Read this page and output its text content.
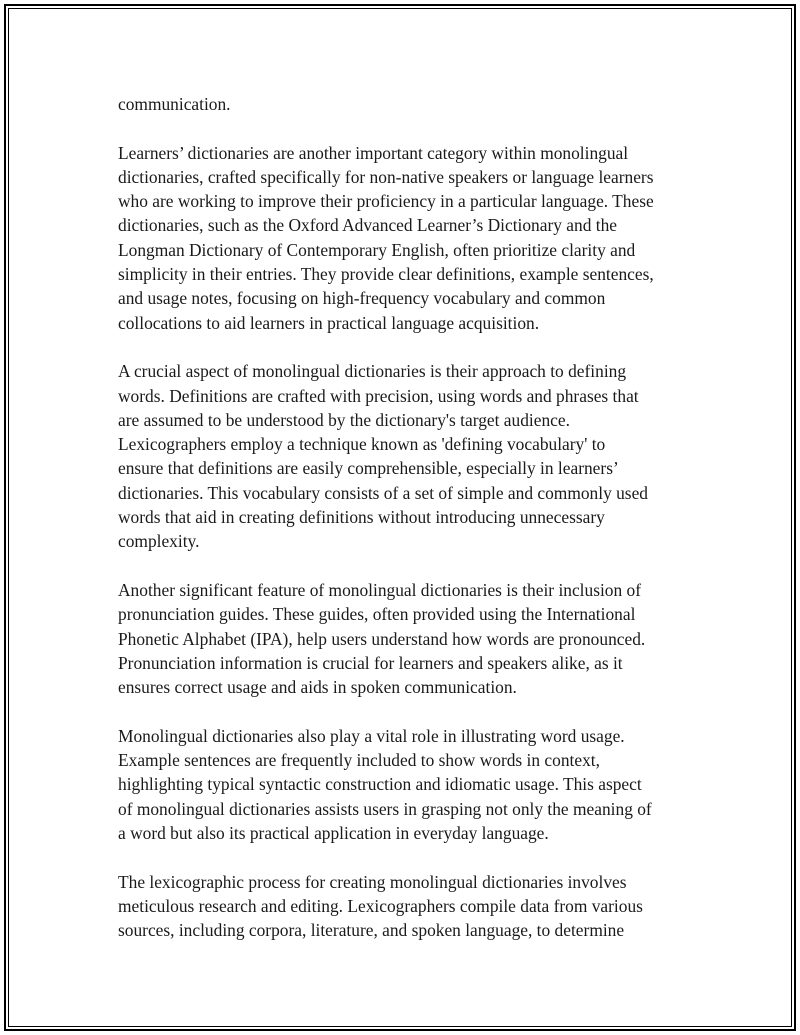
communication.

Learners’ dictionaries are another important category within monolingual
dictionaries, crafted specifically for non-native speakers or language learners
who are working to improve their proficiency in a particular language. These
dictionaries, such as the Oxford Advanced Learner’s Dictionary and the
Longman Dictionary of Contemporary English, often prioritize clarity and
simplicity in their entries. They provide clear definitions, example sentences,
and usage notes, focusing on high-frequency vocabulary and common
collocations to aid learners in practical language acquisition.

A crucial aspect of monolingual dictionaries is their approach to defining
words. Definitions are crafted with precision, using words and phrases that
are assumed to be understood by the dictionary's target audience.
Lexicographers employ a technique known as 'defining vocabulary' to
ensure that definitions are easily comprehensible, especially in learners’
dictionaries. This vocabulary consists of a set of simple and commonly used
words that aid in creating definitions without introducing unnecessary
complexity.

Another significant feature of monolingual dictionaries is their inclusion of
pronunciation guides. These guides, often provided using the International
Phonetic Alphabet (IPA), help users understand how words are pronounced.
Pronunciation information is crucial for learners and speakers alike, as it
ensures correct usage and aids in spoken communication.

Monolingual dictionaries also play a vital role in illustrating word usage.
Example sentences are frequently included to show words in context,
highlighting typical syntactic construction and idiomatic usage. This aspect
of monolingual dictionaries assists users in grasping not only the meaning of
a word but also its practical application in everyday language.

The lexicographic process for creating monolingual dictionaries involves
meticulous research and editing. Lexicographers compile data from various
sources, including corpora, literature, and spoken language, to determine
